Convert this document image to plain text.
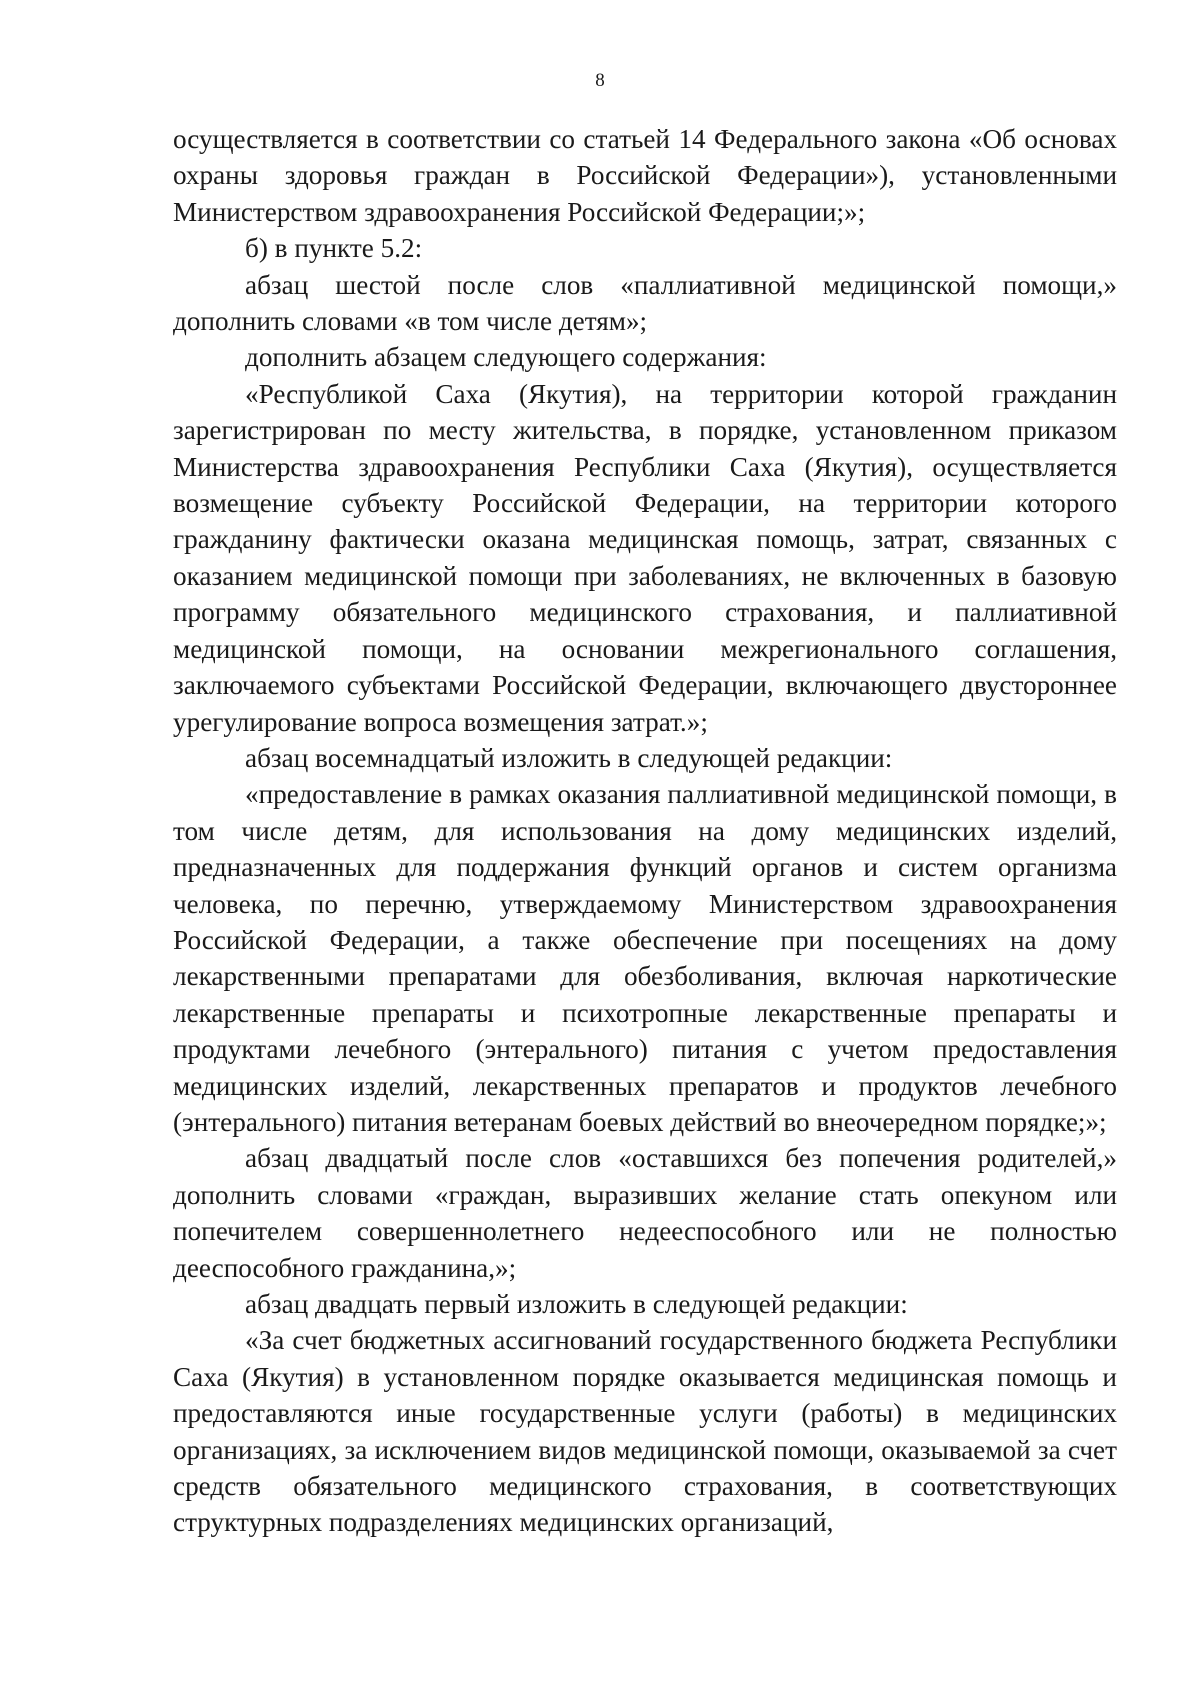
8

осуществляется в соответствии со статьей 14 Федерального закона «Об основах охраны здоровья граждан в Российской Федерации»), установленными Министерством здравоохранения Российской Федерации;»;

б) в пункте 5.2:

абзац шестой после слов «паллиативной медицинской помощи,» дополнить словами «в том числе детям»;

дополнить абзацем следующего содержания:

«Республикой Саха (Якутия), на территории которой гражданин зарегистрирован по месту жительства, в порядке, установленном приказом Министерства здравоохранения Республики Саха (Якутия), осуществляется возмещение субъекту Российской Федерации, на территории которого гражданину фактически оказана медицинская помощь, затрат, связанных с оказанием медицинской помощи при заболеваниях, не включенных в базовую программу обязательного медицинского страхования, и паллиативной медицинской помощи, на основании межрегионального соглашения, заключаемого субъектами Российской Федерации, включающего двустороннее урегулирование вопроса возмещения затрат.»;

абзац восемнадцатый изложить в следующей редакции:

«предоставление в рамках оказания паллиативной медицинской помощи, в том числе детям, для использования на дому медицинских изделий, предназначенных для поддержания функций органов и систем организма человека, по перечню, утверждаемому Министерством здравоохранения Российской Федерации, а также обеспечение при посещениях на дому лекарственными препаратами для обезболивания, включая наркотические лекарственные препараты и психотропные лекарственные препараты и продуктами лечебного (энтерального) питания с учетом предоставления медицинских изделий, лекарственных препаратов и продуктов лечебного (энтерального) питания ветеранам боевых действий во внеочередном порядке;»;

абзац двадцатый после слов «оставшихся без попечения родителей,» дополнить словами «граждан, выразивших желание стать опекуном или попечителем совершеннолетнего недееспособного или не полностью дееспособного гражданина,»;

абзац двадцать первый изложить в следующей редакции:

«За счет бюджетных ассигнований государственного бюджета Республики Саха (Якутия) в установленном порядке оказывается медицинская помощь и предоставляются иные государственные услуги (работы) в медицинских организациях, за исключением видов медицинской помощи, оказываемой за счет средств обязательного медицинского страхования, в соответствующих структурных подразделениях медицинских организаций,
